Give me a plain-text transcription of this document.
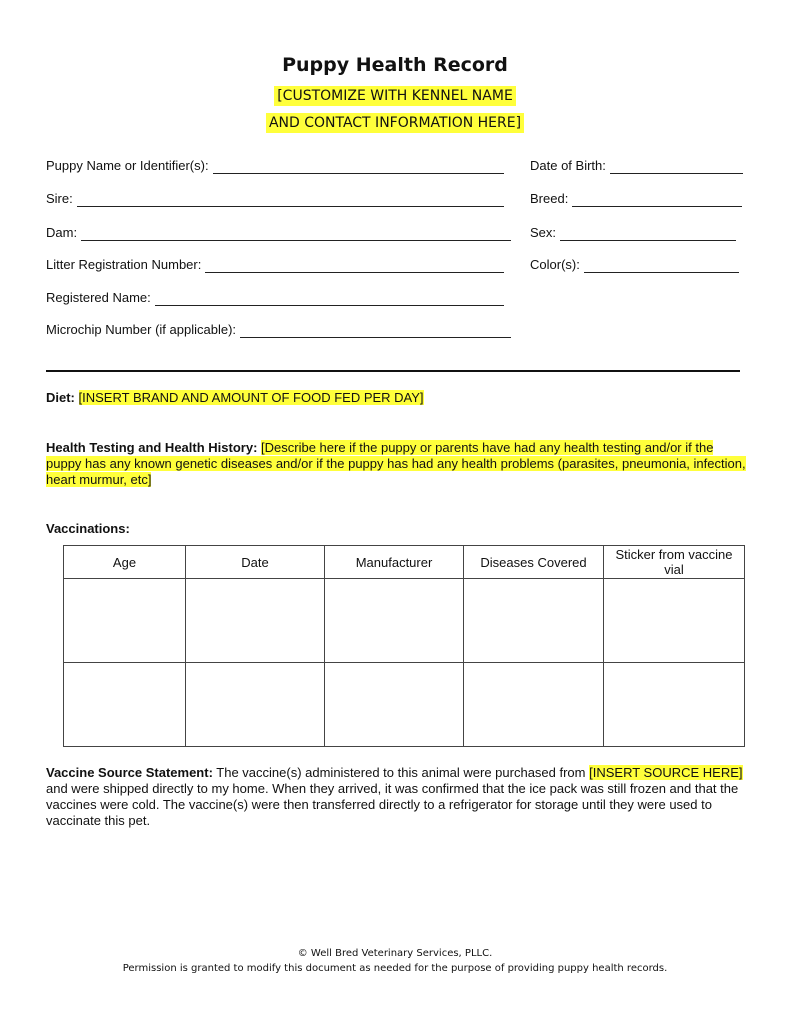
Puppy Health Record
[CUSTOMIZE WITH KENNEL NAME
AND CONTACT INFORMATION HERE]
Puppy Name or Identifier(s):
Sire:
Dam:
Litter Registration Number:
Registered Name:
Microchip Number (if applicable):
Date of Birth:
Breed:
Sex:
Color(s):
Diet: [INSERT BRAND AND AMOUNT OF FOOD FED PER DAY]
Health Testing and Health History: [Describe here if the puppy or parents have had any health testing and/or if the puppy has any known genetic diseases and/or if the puppy has had any health problems (parasites, pneumonia, infection, heart murmur, etc]
Vaccinations:
Age	Date	Manufacturer	Diseases Covered	Sticker from vaccine vial

Vaccine Source Statement: The vaccine(s) administered to this animal were purchased from [INSERT SOURCE HERE] and were shipped directly to my home. When they arrived, it was confirmed that the ice pack was still frozen and that the vaccines were cold. The vaccine(s) were then transferred directly to a refrigerator for storage until they were used to vaccinate this pet.
© Well Bred Veterinary Services, PLLC.
Permission is granted to modify this document as needed for the purpose of providing puppy health records.
